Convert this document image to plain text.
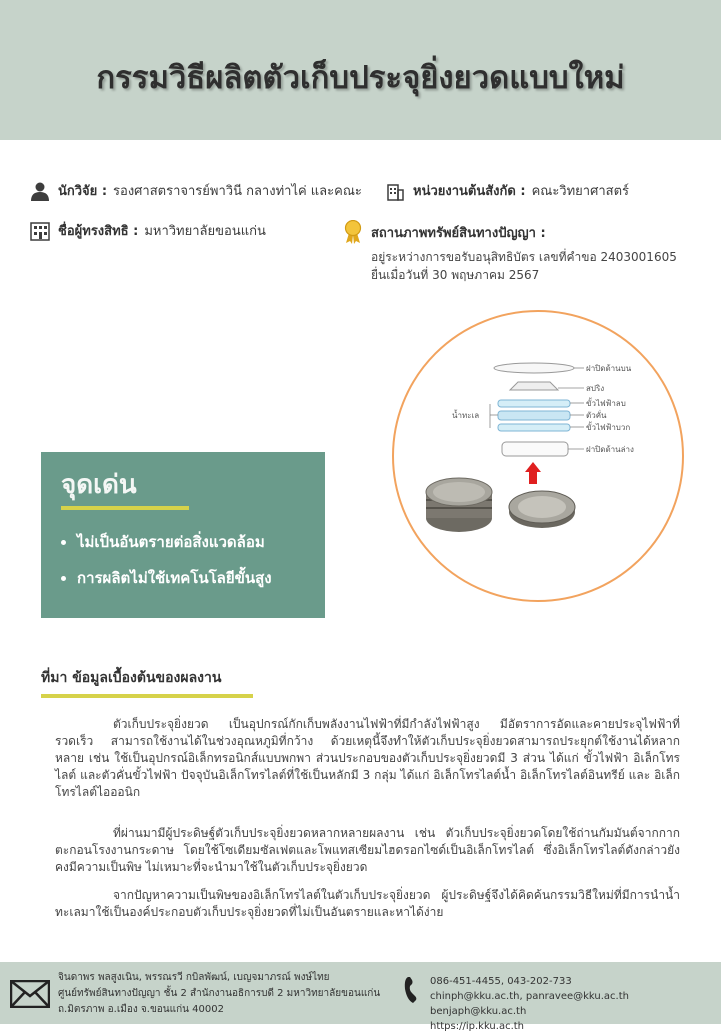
กรรมวิธีผลิตตัวเก็บประจุยิ่งยวดแบบใหม่
นักวิจัย : รองศาสตราจารย์พาวินี กลางท่าไค่ และคณะ	หน่วยงานต้นสังกัด : คณะวิทยาศาสตร์
ชื่อผู้ทรงสิทธิ : มหาวิทยาลัยขอนแก่น	สถานภาพทรัพย์สินทางปัญญา :
อยู่ระหว่างการขอรับอนุสิทธิบัตร เลขที่คำขอ 2403001605
ยื่นเมื่อวันที่ 30 พฤษภาคม 2567
ฝาปิดด้านบน
สปริง
ขั้วไฟฟ้าลบ
ตัวคั่น
ขั้วไฟฟ้าบวก
ฝาปิดด้านล่าง
น้ำทะเล
จุดเด่น
• ไม่เป็นอันตรายต่อสิ่งแวดล้อม
• การผลิตไม่ใช้เทคโนโลยีขั้นสูง
ที่มา ข้อมูลเบื้องต้นของผลงาน
ตัวเก็บประจุยิ่งยวด เป็นอุปกรณ์กักเก็บพลังงานไฟฟ้าที่มีกำลังไฟฟ้าสูง มีอัตราการอัดและคายประจุไฟฟ้าที่รวดเร็ว สามารถใช้งานได้ในช่วงอุณหภูมิที่กว้าง ด้วยเหตุนี้จึงทำให้ตัวเก็บประจุยิ่งยวดสามารถประยุกต์ใช้งานได้หลากหลาย เช่น ใช้เป็นอุปกรณ์อิเล็กทรอนิกส์แบบพกพา ส่วนประกอบของตัวเก็บประจุยิ่งยวดมี 3 ส่วน ได้แก่ ขั้วไฟฟ้า อิเล็กโทรไลต์ และตัวคั่นขั้วไฟฟ้า ปัจจุบันอิเล็กโทรไลต์ที่ใช้เป็นหลักมี 3 กลุ่ม ได้แก่ อิเล็กโทรไลต์น้ำ อิเล็กโทรไลต์อินทรีย์ และ อิเล็กโทรไลต์ไอออนิก
ที่ผ่านมามีผู้ประดิษฐ์ตัวเก็บประจุยิ่งยวดหลากหลายผลงาน เช่น ตัวเก็บประจุยิ่งยวดโดยใช้ถ่านกัมมันต์จากกากตะกอนโรงงานกระดาษ โดยใช้โซเดียมซัลเฟตและโพแทสเซียมไฮดรอกไซด์เป็นอิเล็กโทรไลต์ ซึ่งอิเล็กโทรไลต์ดังกล่าวยังคงมีความเป็นพิษ ไม่เหมาะที่จะนำมาใช้ในตัวเก็บประจุยิ่งยวด
จากปัญหาความเป็นพิษของอิเล็กโทรไลต์ในตัวเก็บประจุยิ่งยวด ผู้ประดิษฐ์จึงได้คิดค้นกรรมวิธีใหม่ที่มีการนำน้ำทะเลมาใช้เป็นองค์ประกอบตัวเก็บประจุยิ่งยวดที่ไม่เป็นอันตรายและหาได้ง่าย
จินดาพร พลสูงเนิน, พรรณรวี กบิลพัฒน์, เบญจมาภรณ์ พงษ์ไทย
ศูนย์ทรัพย์สินทางปัญญา ชั้น 2 สำนักงานอธิการบดี 2 มหาวิทยาลัยขอนแก่น
ถ.มิตรภาพ อ.เมือง จ.ขอนแก่น 40002
086-451-4455, 043-202-733
chinph@kku.ac.th, panravee@kku.ac.th benjaph@kku.ac.th
https://ip.kku.ac.th
